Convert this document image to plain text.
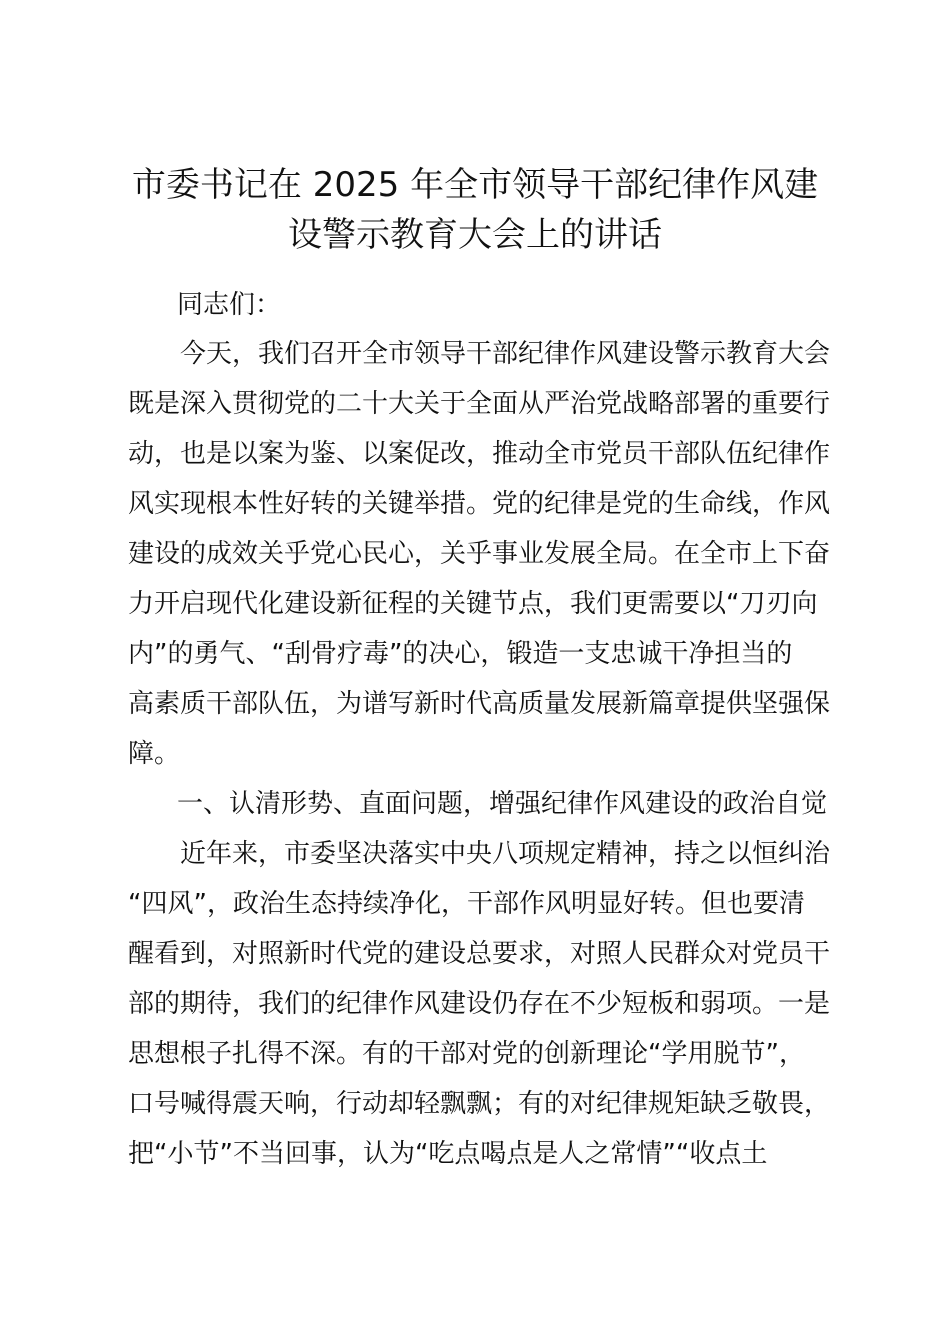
市委书记在 2025 年全市领导干部纪律作风建
设警示教育大会上的讲话
同志们：
　　今天，我们召开全市领导干部纪律作风建设警示教育大会
既是深入贯彻党的二十大关于全面从严治党战略部署的重要行
动，也是以案为鉴、以案促改，推动全市党员干部队伍纪律作
风实现根本性好转的关键举措。党的纪律是党的生命线，作风
建设的成效关乎党心民心，关乎事业发展全局。在全市上下奋
力开启现代化建设新征程的关键节点，我们更需要以“刀刃向
内”的勇气、“刮骨疗毒”的决心，锻造一支忠诚干净担当的
高素质干部队伍，为谱写新时代高质量发展新篇章提供坚强保
障。
一、认清形势、直面问题，增强纪律作风建设的政治自觉
　　近年来，市委坚决落实中央八项规定精神，持之以恒纠治
“四风”，政治生态持续净化，干部作风明显好转。但也要清
醒看到，对照新时代党的建设总要求，对照人民群众对党员干
部的期待，我们的纪律作风建设仍存在不少短板和弱项。一是
思想根子扎得不深。有的干部对党的创新理论“学用脱节”，
口号喊得震天响，行动却轻飘飘；有的对纪律规矩缺乏敬畏，
把“小节”不当回事，认为“吃点喝点是人之常情”“收点土
